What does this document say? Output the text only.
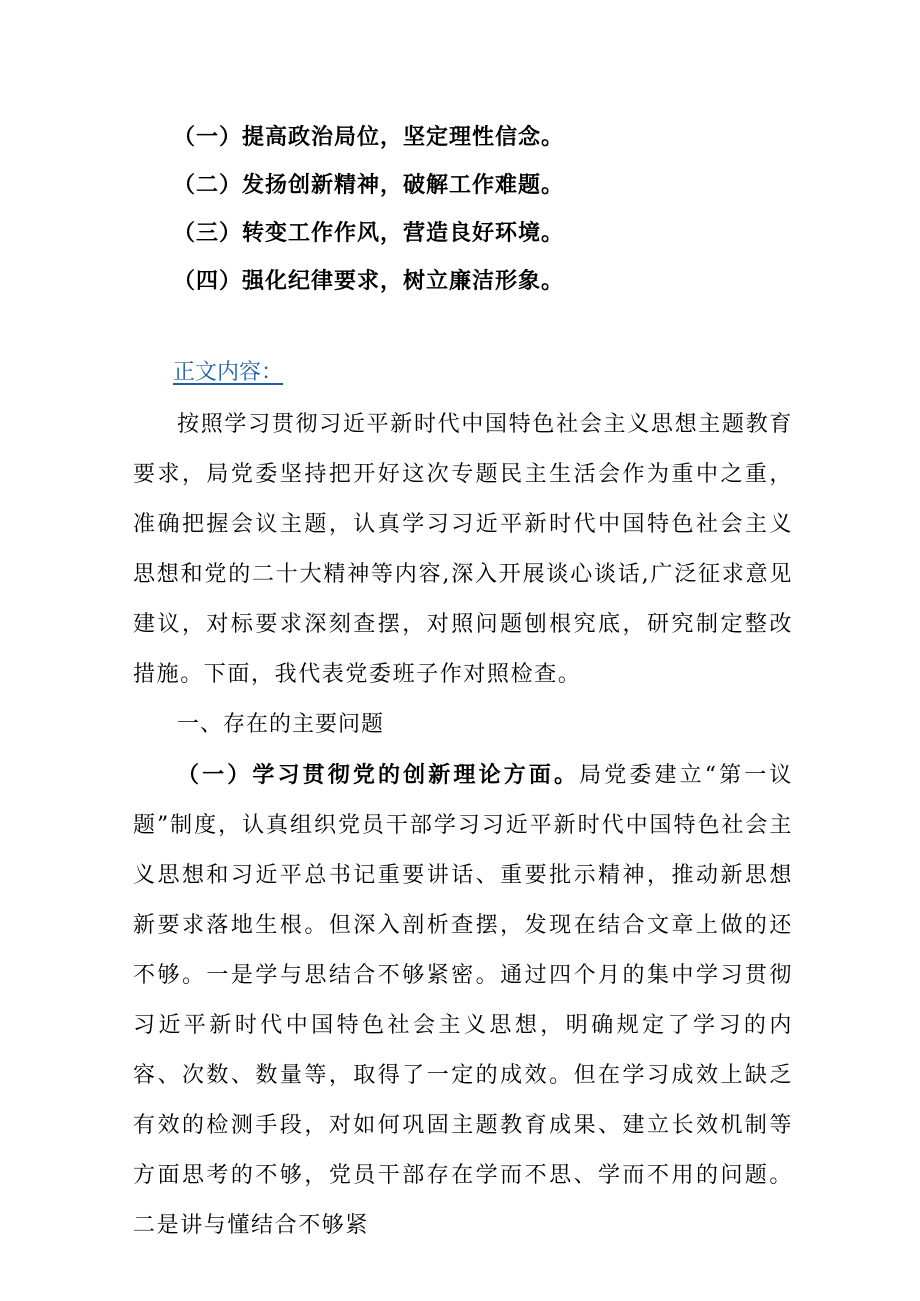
（一）提高政治局位，坚定理性信念。
（二）发扬创新精神，破解工作难题。
（三）转变工作作风，营造良好环境。
（四）强化纪律要求，树立廉洁形象。
正文内容：

按照学习贯彻习近平新时代中国特色社会主义思想主题教育要求，局党委坚持把开好这次专题民主生活会作为重中之重，准确把握会议主题，认真学习习近平新时代中国特色社会主义思想和党的二十大精神等内容,深入开展谈心谈话,广泛征求意见建议，对标要求深刻查摆，对照问题刨根究底，研究制定整改措施。下面，我代表党委班子作对照检查。

一、存在的主要问题

（一）学习贯彻党的创新理论方面。局党委建立“第一议题”制度，认真组织党员干部学习习近平新时代中国特色社会主义思想和习近平总书记重要讲话、重要批示精神，推动新思想新要求落地生根。但深入剖析查摆，发现在结合文章上做的还不够。一是学与思结合不够紧密。通过四个月的集中学习贯彻习近平新时代中国特色社会主义思想，明确规定了学习的内容、次数、数量等，取得了一定的成效。但在学习成效上缺乏有效的检测手段，对如何巩固主题教育成果、建立长效机制等方面思考的不够，党员干部存在学而不思、学而不用的问题。二是讲与懂结合不够紧
